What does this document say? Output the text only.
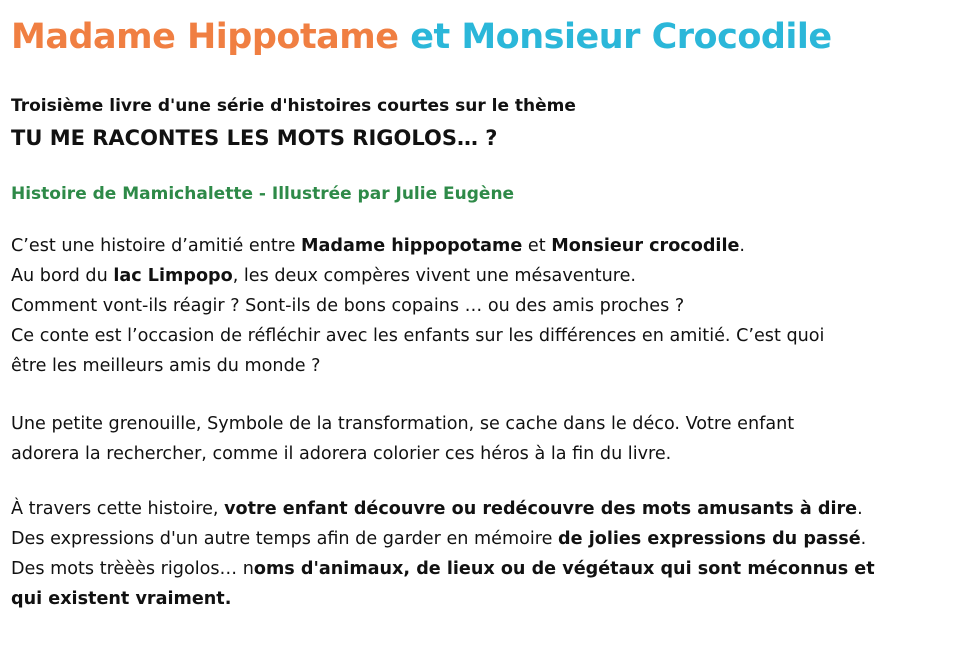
Madame Hippotame et Monsieur Crocodile
Troisième livre d'une série d'histoires courtes sur le thème
TU ME RACONTES LES MOTS RIGOLOS… ?
Histoire de Mamichalette - Illustrée par Julie Eugène
C’est une histoire d’amitié entre Madame hippopotame et Monsieur crocodile.
Au bord du lac Limpopo, les deux compères vivent une mésaventure.
Comment vont-ils réagir ? Sont-ils de bons copains … ou des amis proches ?
Ce conte est l’occasion de réfléchir avec les enfants sur les différences en amitié. C’est quoi
être les meilleurs amis du monde ?
Une petite grenouille, Symbole de la transformation, se cache dans le déco. Votre enfant
adorera la rechercher, comme il adorera colorier ces héros à la fin du livre.
À travers cette histoire, votre enfant découvre ou redécouvre des mots amusants à dire.
Des expressions d'un autre temps afin de garder en mémoire de jolies expressions du passé.
Des mots trèèès rigolos… noms d'animaux, de lieux ou de végétaux qui sont méconnus et
qui existent vraiment.
